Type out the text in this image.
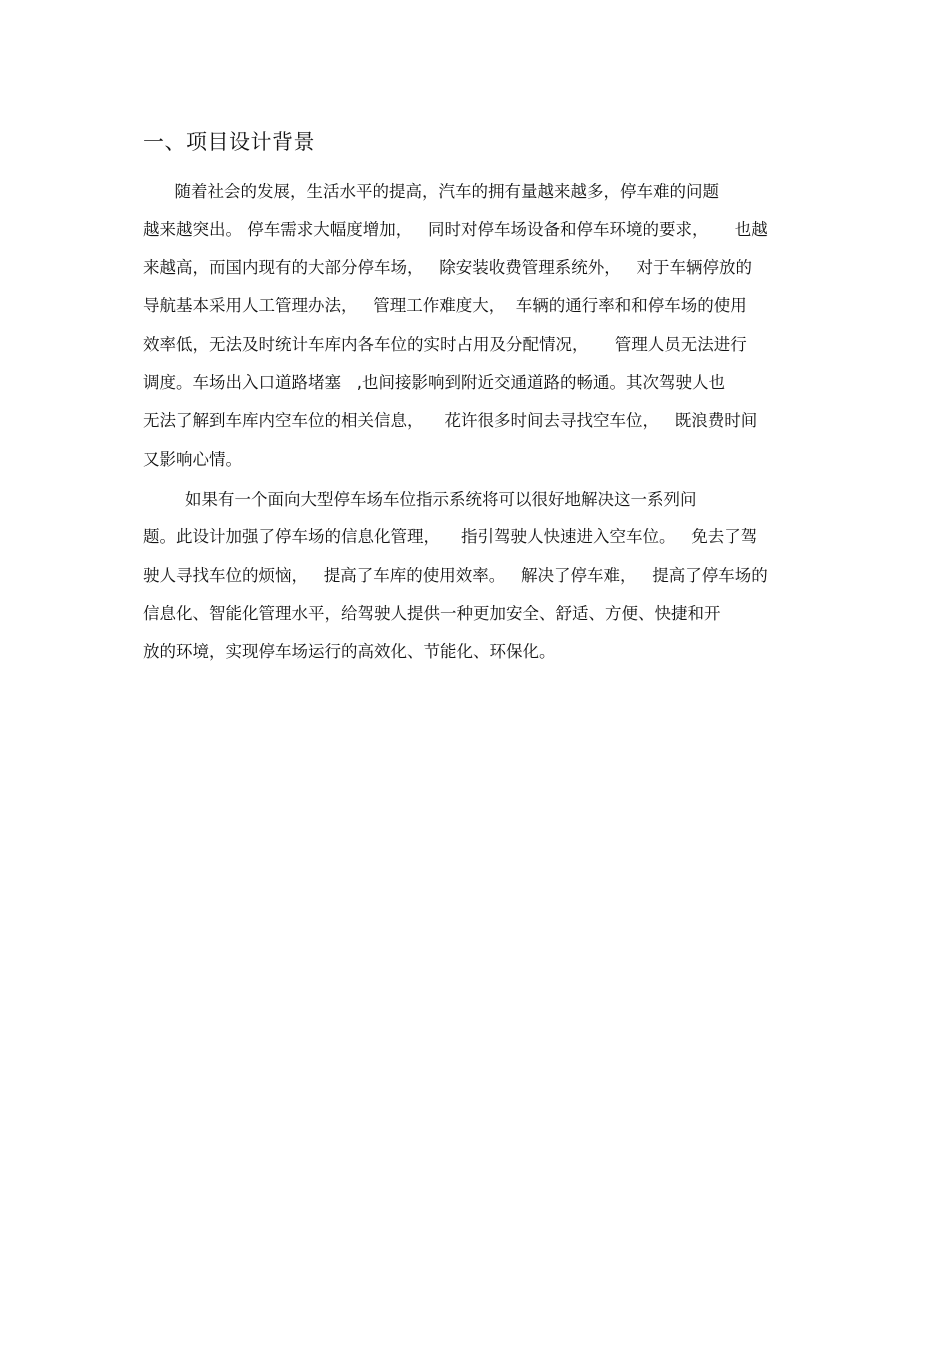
一、项目设计背景
随着社会的发展，生活水平的提高，汽车的拥有量越来越多，停车难的问题
越来越突出。 停车需求大幅度增加，   同时对停车场设备和停车环境的要求，     也越
来越高，而国内现有的大部分停车场，   除安装收费管理系统外，   对于车辆停放的
导航基本采用人工管理办法，   管理工作难度大，  车辆的通行率和和停车场的使用
效率低，无法及时统计车库内各车位的实时占用及分配情况，     管理人员无法进行
调度。车场出入口道路堵塞   ,也间接影响到附近交通道路的畅通。其次驾驶人也
无法了解到车库内空车位的相关信息，    花许很多时间去寻找空车位，   既浪费时间
又影响心情。
如果有一个面向大型停车场车位指示系统将可以很好地解决这一系列问
题。此设计加强了停车场的信息化管理，    指引驾驶人快速进入空车位。   免去了驾
驶人寻找车位的烦恼，   提高了车库的使用效率。   解决了停车难，   提高了停车场的
信息化、智能化管理水平，给驾驶人提供一种更加安全、舒适、方便、快捷和开
放的环境，实现停车场运行的高效化、节能化、环保化。
